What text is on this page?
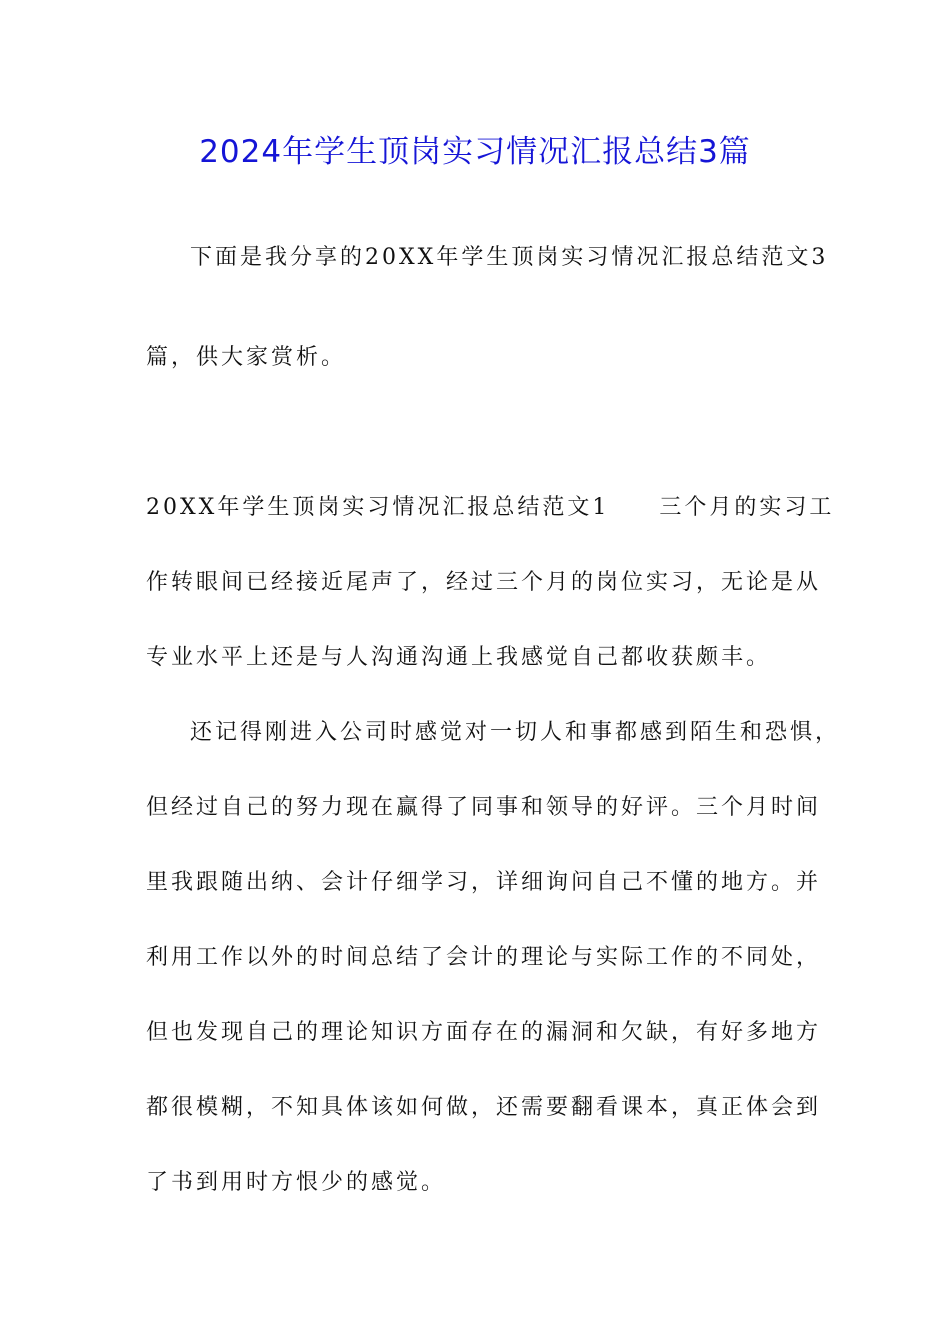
2024年学生顶岗实习情况汇报总结3篇
下面是我分享的20XX年学生顶岗实习情况汇报总结范文3
篇，供大家赏析。
20XX年学生顶岗实习情况汇报总结范文1　　三个月的实习工
作转眼间已经接近尾声了，经过三个月的岗位实习，无论是从
专业水平上还是与人沟通沟通上我感觉自己都收获颇丰。
还记得刚进入公司时感觉对一切人和事都感到陌生和恐惧，
但经过自己的努力现在赢得了同事和领导的好评。三个月时间
里我跟随出纳、会计仔细学习，详细询问自己不懂的地方。并
利用工作以外的时间总结了会计的理论与实际工作的不同处，
但也发现自己的理论知识方面存在的漏洞和欠缺，有好多地方
都很模糊，不知具体该如何做，还需要翻看课本，真正体会到
了书到用时方恨少的感觉。
